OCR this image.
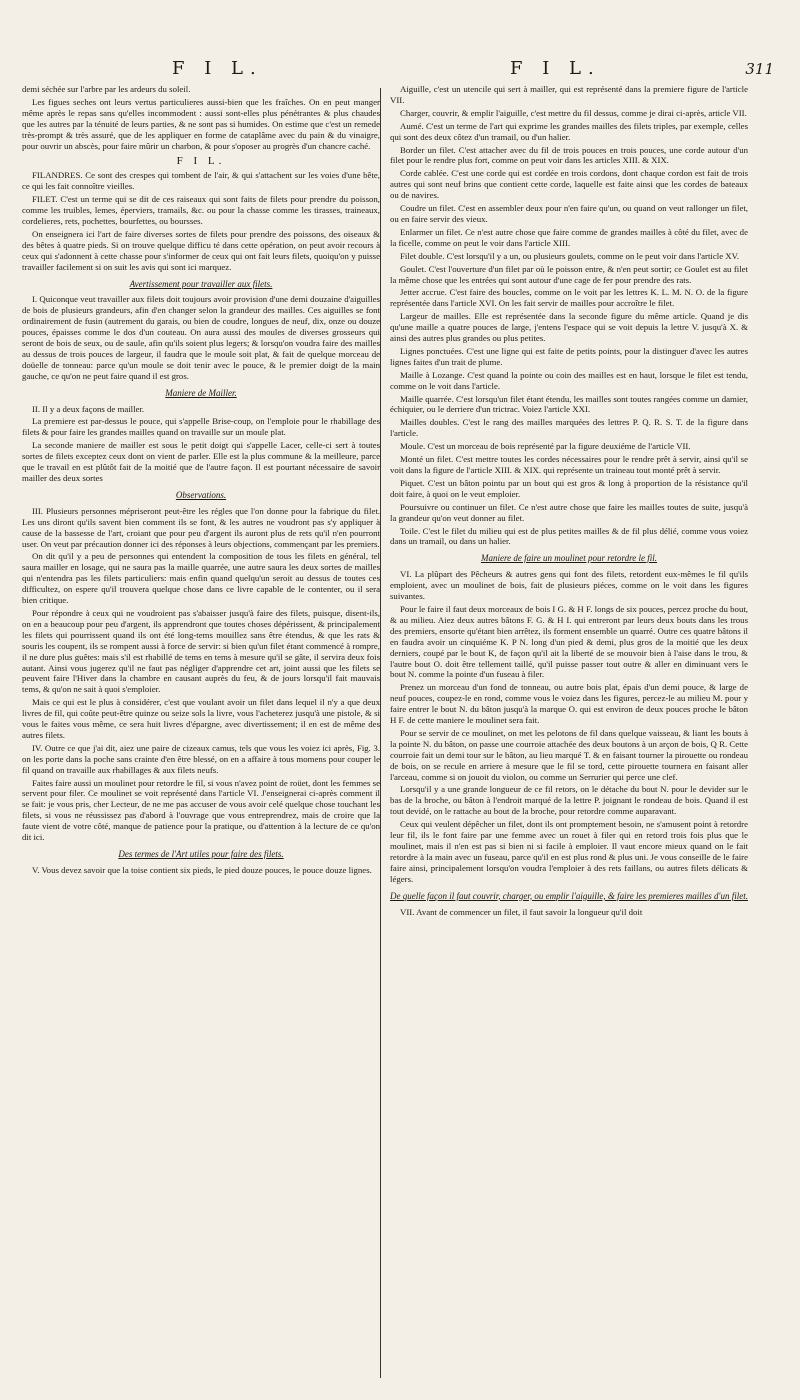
F I L.	F I L.	311

demi séchée sur l'arbre par les ardeurs du soleil.

Les figues seches ont leurs vertus particulieres aussi-bien que les fraîches. On en peut manger même après le repas sans qu'elles incommodent : aussi sont-elles plus pénétrantes & plus chaudes que les autres par la ténuité de leurs parties, & ne sont pas si humides. On estime que c'est un remede très-prompt & très assuré, que de les appliquer en forme de cataplâme avec du pain & du vinaigre, pour ouvrir un abscès, pour faire mûrir un charbon, & pour s'oposer au progrès d'un chancre caché.

F I L.

FILANDRES. Ce sont des crespes qui tombent de l'air, & qui s'attachent sur les voies d'une bête, ce qui les fait connoître vieilles.

FILET. C'est un terme qui se dit de ces raiseaux qui sont faits de filets pour prendre du poisson, comme les truibles, lemes, éperviers, tramails, &c. ou pour la chasse comme les tirasses, traineaux, cordelieres, rets, pochettes, bourfettes, ou boursses.

On enseignera ici l'art de faire diverses sortes de filets pour prendre des poissons, des oiseaux & des bêtes à quatre pieds. Si on trouve quelque difficu té dans cette opération, on peut avoir recours à ceux qui s'adonnent à cette chasse pour s'informer de ceux qui ont fait leurs filets, quoiqu'on y puisse travailler facilement si on suit les avis qui sont ici marquez.

Avertissement pour travailler aux filets.

I. Quiconque veut travailler aux filets doit toujours avoir provision d'une demi douzaine d'aiguilles de bois de plusieurs grandeurs, afin d'en changer selon la grandeur des mailles. Ces aiguilles se font ordinairement de fusin (autrement du garais, ou bien de coudre, longues de neuf, dix, onze ou douze pouces, épaisses comme le dos d'un couteau. On aura aussi des moules de diverses grosseurs qui seront de bois de seux, ou de saule, afin qu'ils soient plus legers; & lorsqu'on voudra faire des mailles au dessus de trois pouces de largeur, il faudra que le moule soit plat, & fait de quelque morceau de doüelle de tonneau: parce qu'un moule se doit tenir avec le pouce, & le premier doigt de la main gauche, ce qu'on ne peut faire quand il est gros.

Maniere de Mailler.

II. Il y a deux façons de mailler.

La premiere est par-dessus le pouce, qui s'appelle Brise-coup, on l'emploie pour le rhabillage des filets & pour faire les grandes mailles quand on travaille sur un moule plat.

La seconde maniere de mailler est sous le petit doigt qui s'appelle Lacer, celle-ci sert à toutes sortes de filets exceptez ceux dont on vient de parler. Elle est la plus commune & la meilleure, parce que le travail en est plûtôt fait de la moitié que de l'autre façon. Il est pourtant nécessaire de savoir mailler des deux sortes

Observations.

III. Plusieurs personnes mépriseront peut-être les régles que l'on donne pour la fabrique du filet. Les uns diront qu'ils savent bien comment ils se font, & les autres ne voudront pas s'y appliquer à cause de la bassesse de l'art, croiant que pour peu d'argent ils auront plus de rets qu'il n'en pourront user. On veut par précaution donner ici des réponses à leurs objections, commençant par les premiers.

On dit qu'il y a peu de personnes qui entendent la composition de tous les filets en général, tel saura mailler en losage, qui ne saura pas la maille quarrée, une autre saura les deux sortes de mailles qui n'entendra pas les filets particuliers: mais enfin quand quelqu'un seroit au dessus de toutes ces difficultez, on espere qu'il trouvera quelque chose dans ce livre capable de le contenter, ou il sera bien critique.

Pour répondre à ceux qui ne voudroient pas s'abaisser jusqu'à faire des filets, puisque, disent-ils, on en a beaucoup pour peu d'argent, ils apprendront que toutes choses dépérissent, & principalement les filets qui pourrissent quand ils ont été long-tems mouillez sans être étendus, & que les rats & souris les coupent, ils se rompent aussi à force de servir: si bien qu'un filet étant commencé à rompre, il ne dure plus guêtes: mais s'il est rhabillé de tems en tems à mesure qu'il se gâte, il servira deux fois autant. Ainsi vous jugerez qu'il ne faut pas négliger d'apprendre cet art, joint aussi que les filets se peuvent faire l'Hiver dans la chambre en causant auprès du feu, & de jours lorsqu'il fait mauvais tems, & qu'on ne sait à quoi s'emploier.

Mais ce qui est le plus à considérer, c'est que voulant avoir un filet dans lequel il n'y a que deux livres de fil, qui coûte peut-être quinze ou seize sols la livre, vous l'acheterez jusqu'à une pistole, & si vous le faites vous même, ce sera huit livres d'épargne, avec divertissement; il en est de même des autres filets.

IV. Outre ce que j'ai dit, aiez une paire de cizeaux camus, tels que vous les voiez ici après, Fig. 3. on les porte dans la poche sans crainte d'en être blessé, on en a affaire à tous momens pour couper le fil quand on travaille aux rhabillages & aux filets neufs.

Faites faire aussi un moulinet pour retordre le fil, si vous n'avez point de roüet, dont les femmes se servent pour filer. Ce moulinet se voit représenté dans l'article VI. J'enseignerai ci-après comment il se fait: je vous pris, cher Lecteur, de ne me pas accuser de vous avoir celé quelque chose touchant les filets, si vous ne réussissez pas d'abord à l'ouvrage que vous entreprendrez, mais de croire que la faute vient de votre côté, manque de patience pour la pratique, ou d'attention à la lecture de ce qu'on dit ici.

Des termes de l'Art utiles pour faire des filets.

V. Vous devez savoir que la toise contient six pieds, le pied douze pouces, le pouce douze lignes.

Aiguille, c'est un utencile qui sert à mailler, qui est représenté dans la premiere figure de l'article VII.

Charger, couvrir, & emplir l'aiguille, c'est mettre du fil dessus, comme je dirai ci-après, article VII.

Aumé. C'est un terme de l'art qui exprime les grandes mailles des filets triples, par exemple, celles qui sont des deux côtez d'un tramail, ou d'un halier.

Border un filet. C'est attacher avec du fil de trois pouces en trois pouces, une corde autour d'un filet pour le rendre plus fort, comme on peut voir dans les articles XIII. & XIX.

Corde cablée. C'est une corde qui est cordée en trois cordons, dont chaque cordon est fait de trois autres qui sont neuf brins que contient cette corde, laquelle est faite ainsi que les cordes de bateaux ou de navires.

Coudre un filet. C'est en assembler deux pour n'en faire qu'un, ou quand on veut rallonger un filet, ou en faire servir des vieux.

Enlarmer un filet. Ce n'est autre chose que faire comme de grandes mailles à côté du filet, avec de la ficelle, comme on peut le voir dans l'article XIII.

Filet double. C'est lorsqu'il y a un, ou plusieurs goulets, comme on le peut voir dans l'article XV.

Goulet. C'est l'ouverture d'un filet par où le poisson entre, & n'en peut sortir; ce Goulet est au filet la même chose que les entrées qui sont autour d'une cage de fer pour prendre des rats.

Jetter accrue. C'est faire des boucles, comme on le voit par les lettres K. L. M. N. O. de la figure représentée dans l'article XVI. On les fait servir de mailles pour accroître le filet.

Largeur de mailles. Elle est représentée dans la seconde figure du même article. Quand je dis qu'une maille a quatre pouces de large, j'entens l'espace qui se voit depuis la lettre V. jusqu'à X. & ainsi des autres plus grandes ou plus petites.

Lignes ponctuées. C'est une ligne qui est faite de petits points, pour la distinguer d'avec les autres lignes faites d'un trait de plume.

Maille à Lozange. C'est quand la pointe ou coin des mailles est en haut, lorsque le filet est tendu, comme on le voit dans l'article.

Maille quarrée. C'est lorsqu'un filet étant étendu, les mailles sont toutes rangées comme un damier, échiquier, ou le derriere d'un trictrac. Voiez l'article XXI.

Mailles doubles. C'est le rang des mailles marquées des lettres P. Q. R. S. T. de la figure dans l'article.

Moule. C'est un morceau de bois représenté par la figure deuxiéme de l'article VII.

Monté un filet. C'est mettre toutes les cordes nécessaires pour le rendre prêt à servir, ainsi qu'il se voit dans la figure de l'article XIII. & XIX. qui représente un traineau tout monté prêt à servir.

Piquet. C'est un bâton pointu par un bout qui est gros & long à proportion de la résistance qu'il doit faire, à quoi on le veut emploier.

Poursuivre ou continuer un filet. Ce n'est autre chose que faire les mailles toutes de suite, jusqu'à la grandeur qu'on veut donner au filet.

Toile. C'est le filet du milieu qui est de plus petites mailles & de fil plus délié, comme vous voiez dans un tramail, ou dans un halier.

Maniere de faire un moulinet pour retordre le fil.

VI. La plûpart des Pêcheurs & autres gens qui font des filets, retordent eux-mêmes le fil qu'ils emploient, avec un moulinet de bois, fait de plusieurs piéces, comme on le voit dans les figures suivantes.

Pour le faire il faut deux morceaux de bois I G. & H F. longs de six pouces, percez proche du bout, & au milieu. Aiez deux autres bâtons F. G. & H I. qui entreront par leurs deux bouts dans les trous des premiers, ensorte qu'étant bien arrêtez, ils forment ensemble un quarré. Outre ces quatre bâtons il en faudra avoir un cinquiéme K. P N. long d'un pied & demi, plus gros de la moitié que les deux derniers, coupé par le bout K, de façon qu'il ait la liberté de se mouvoir bien à l'aise dans le trou, & l'autre bout O. doit être tellement taillé, qu'il puisse passer tout outre & aller en diminuant vers le bout N. comme la pointe d'un fuseau à filer.

Prenez un morceau d'un fond de tonneau, ou autre bois plat, épais d'un demi pouce, & large de neuf pouces, coupez-le en rond, comme vous le voiez dans les figures, percez-le au milieu M. pour y faire entrer le bout N. du bâton jusqu'à la marque O. qui est environ de deux pouces proche le bâton H F. de cette maniere le moulinet sera fait.

Pour se servir de ce moulinet, on met les pelotons de fil dans quelque vaisseau, & liant les bouts à la pointe N. du bâton, on passe une courroie attachée des deux boutons à un arçon de bois, Q R. Cette courroie fait un demi tour sur le bâton, au lieu marqué T. & en faisant tourner la pirouette ou rondeau de bois, on se recule en arriere à mesure que le fil se tord, cette pirouette tournera en faisant aller l'arceau, comme si on jouoit du violon, ou comme un Serrurier qui perce une clef.

Lorsqu'il y a une grande longueur de ce fil retors, on le détache du bout N. pour le devider sur le bas de la broche, ou bâton à l'endroit marqué de la lettre P. joignant le rondeau de bois. Quand il est tout devidé, on le rattache au bout de la broche, pour retordre comme auparavant.

Ceux qui veulent dépêcher un filet, dont ils ont promptement besoin, ne s'amusent point à retordre leur fil, ils le font faire par une femme avec un rouet à filer qui en retord trois fois plus que le moulinet, mais il n'en est pas si bien ni si facile à emploier. Il vaut encore mieux quand on le fait retordre à la main avec un fuseau, parce qu'il en est plus rond & plus uni. Je vous conseille de le faire faire ainsi, principalement lorsqu'on voudra l'emploier à des rets faillans, ou autres filets délicats & légers.

De quelle façon il faut couvrir, charger, ou emplir l'aiguille, & faire les premieres mailles d'un filet.

VII. Avant de commencer un filet, il faut savoir la longueur qu'il doit
